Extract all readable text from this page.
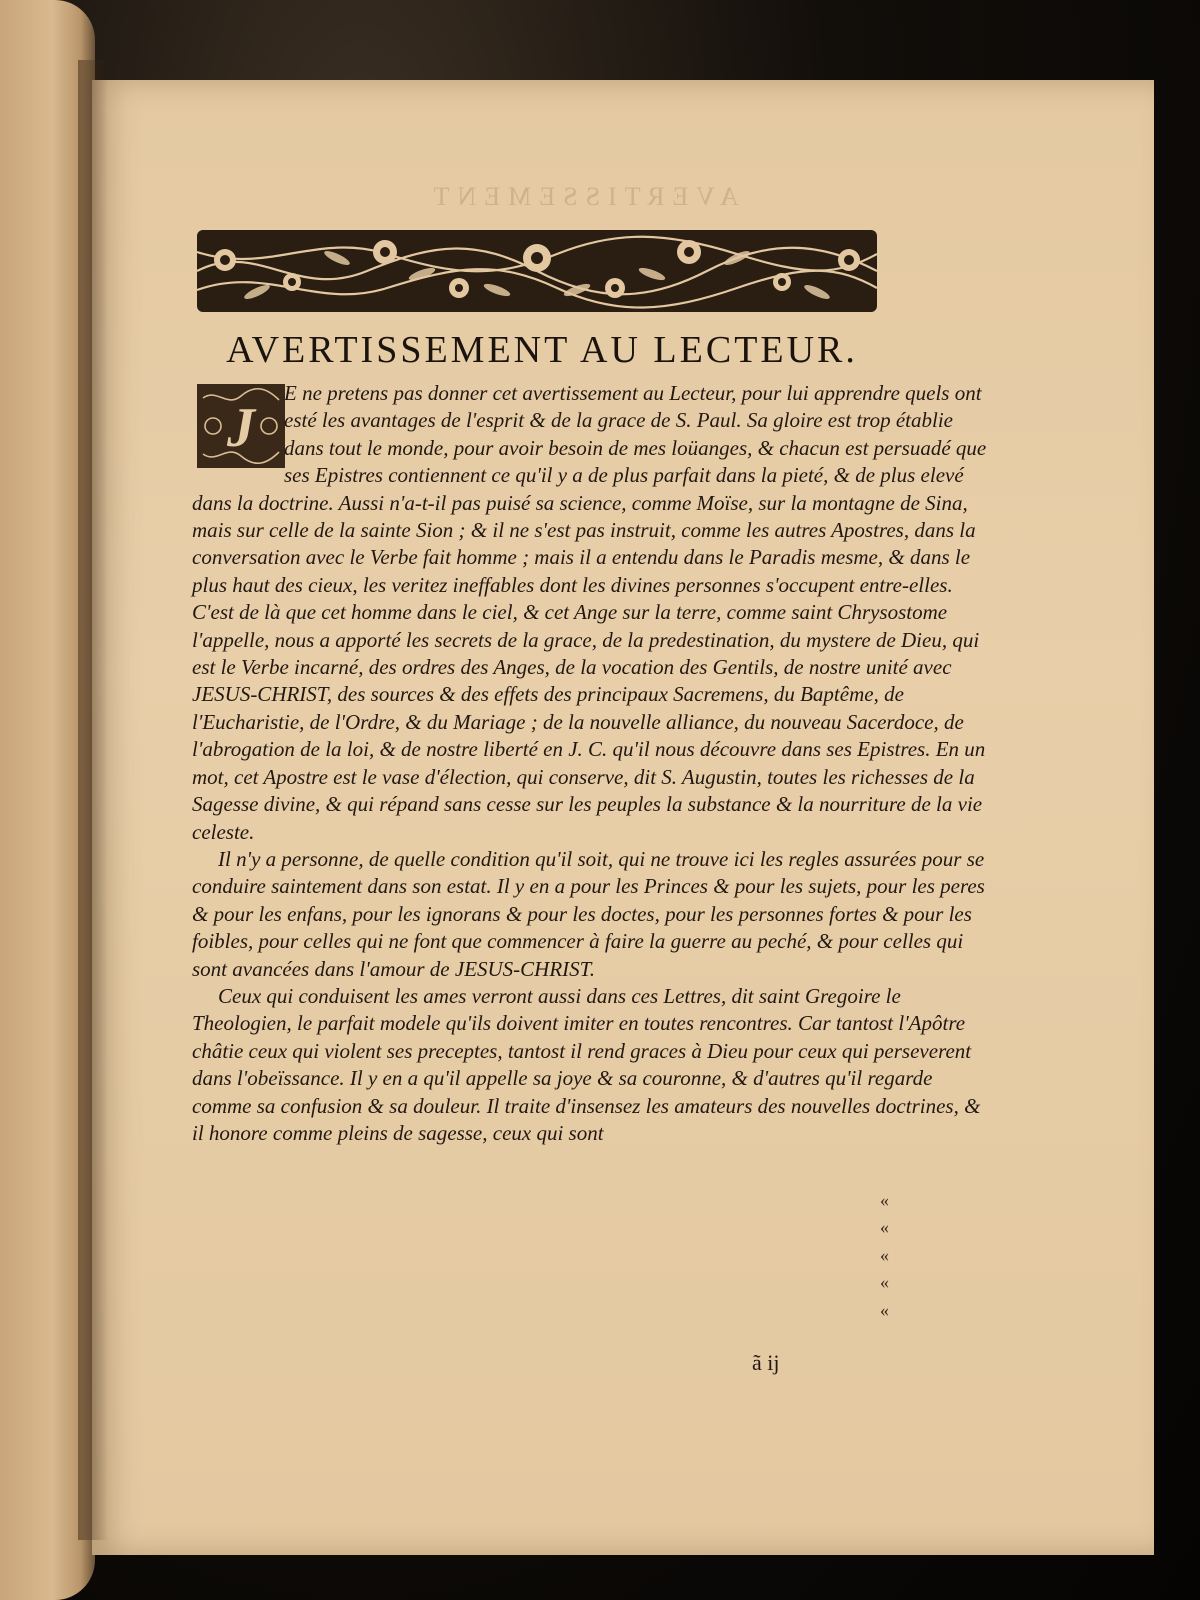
AVERTISSEMENT
AVERTISSEMENT AU LECTEUR.
J

E ne pretens pas donner cet avertissement au Lecteur, pour lui apprendre quels ont esté les avantages de l'esprit & de la grace de S. Paul. Sa gloire est trop établie dans tout le monde, pour avoir besoin de mes loüanges, & chacun est persuadé que ses Epistres contiennent ce qu'il y a de plus parfait dans la pieté, & de plus elevé dans la doctrine. Aussi n'a-t-il pas puisé sa science, comme Moïse, sur la montagne de Sina, mais sur celle de la sainte Sion ; & il ne s'est pas instruit, comme les autres Apostres, dans la conversation avec le Verbe fait homme ; mais il a entendu dans le Paradis mesme, & dans le plus haut des cieux, les veritez ineffables dont les divines personnes s'occupent entre-elles. C'est de là que cet homme dans le ciel, & cet Ange sur la terre, comme saint Chrysostome l'appelle, nous a apporté les secrets de la grace, de la predestination, du mystere de Dieu, qui est le Verbe incarné, des ordres des Anges, de la vocation des Gentils, de nostre unité avec JESUS-CHRIST, des sources & des effets des principaux Sacremens, du Baptême, de l'Eucharistie, de l'Ordre, & du Mariage ; de la nouvelle alliance, du nouveau Sacerdoce, de l'abrogation de la loi, & de nostre liberté en J. C. qu'il nous découvre dans ses Epistres. En un mot, cet Apostre est le vase d'élection, qui conserve, dit S. Augustin, toutes les richesses de la Sagesse divine, & qui répand sans cesse sur les peuples la substance & la nourriture de la vie celeste.

Il n'y a personne, de quelle condition qu'il soit, qui ne trouve ici les regles assurées pour se conduire saintement dans son estat. Il y en a pour les Princes & pour les sujets, pour les peres & pour les enfans, pour les ignorans & pour les doctes, pour les personnes fortes & pour les foibles, pour celles qui ne font que commencer à faire la guerre au peché, & pour celles qui sont avancées dans l'amour de JESUS-CHRIST.

Ceux qui conduisent les ames verront aussi dans ces Lettres, dit saint Gregoire le Theologien, le parfait modele qu'ils doivent imiter en toutes rencontres. Car tantost l'Apôtre châtie ceux qui violent ses preceptes, tantost il rend graces à Dieu pour ceux qui perseverent dans l'obeïssance. Il y en a qu'il appelle sa joye & sa couronne, & d'autres qu'il regarde comme sa confusion & sa douleur. Il traite d'insensez les amateurs des nouvelles doctrines, & il honore comme pleins de sagesse, ceux qui sont

«
«
«
«
«
ã ij
